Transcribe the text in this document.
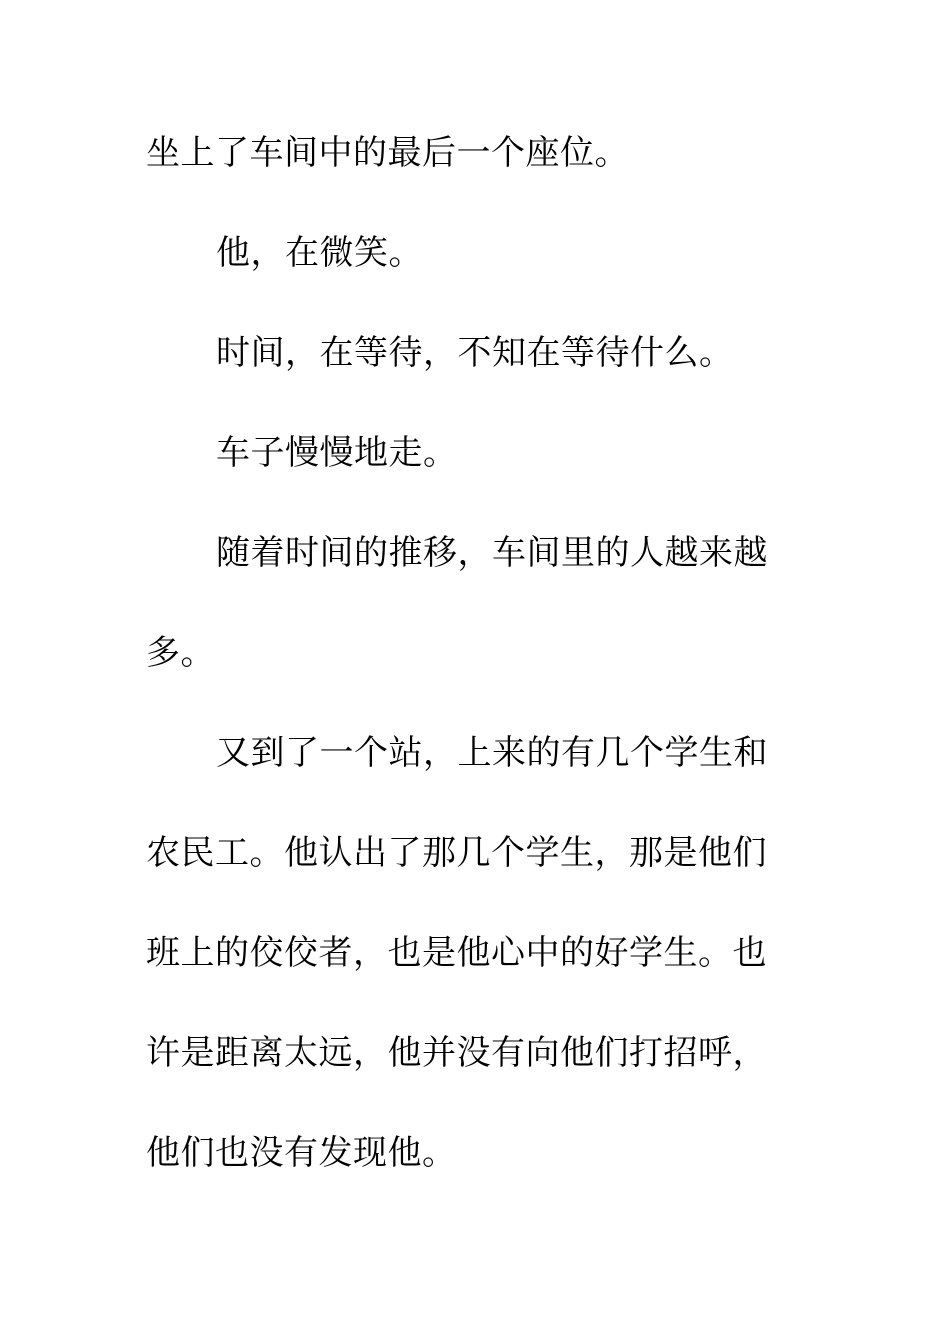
坐上了车间中的最后一个座位。
他，在微笑。
时间，在等待，不知在等待什么。
车子慢慢地走。
随着时间的推移，车间里的人越来越
多。
又到了一个站，上来的有几个学生和
农民工。他认出了那几个学生，那是他们
班上的佼佼者，也是他心中的好学生。也
许是距离太远，他并没有向他们打招呼，
他们也没有发现他。
